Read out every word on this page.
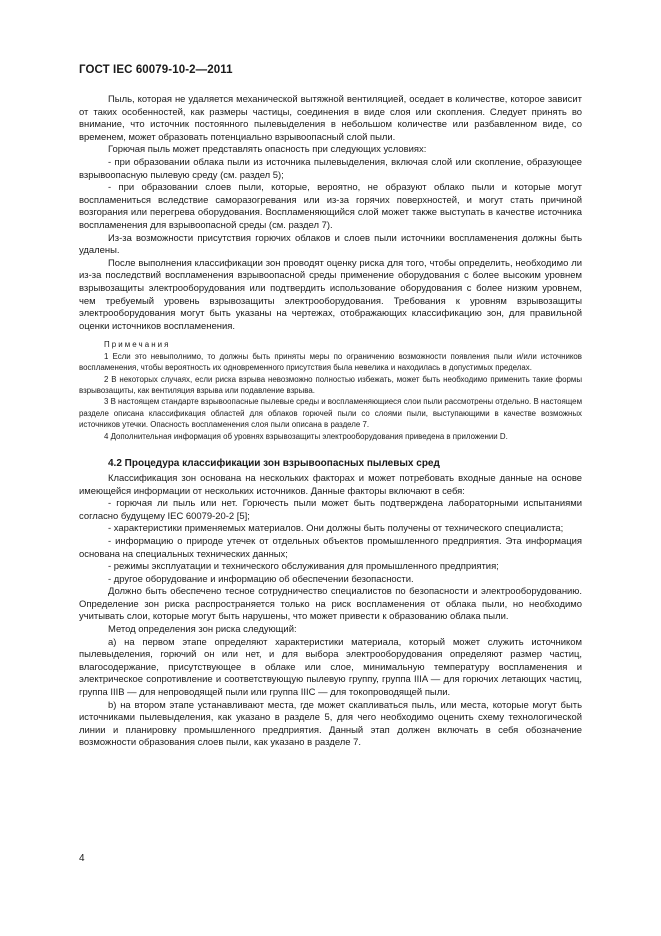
ГОСТ IEC 60079-10-2—2011

Пыль, которая не удаляется механической вытяжной вентиляцией, оседает в количестве, которое зависит от таких особенностей, как размеры частицы, соединения в виде слоя или скопления. Следует принять во внимание, что источник постоянного пылевыделения в небольшом количестве или разбавленном виде, со временем, может образовать потенциально взрывоопасный слой пыли.

Горючая пыль может представлять опасность при следующих условиях:

- при образовании облака пыли из источника пылевыделения, включая слой или скопление, образующее взрывоопасную пылевую среду (см. раздел 5);

- при образовании слоев пыли, которые, вероятно, не образуют облако пыли и которые могут воспламениться вследствие саморазогревания или из-за горячих поверхностей, и могут стать причиной возгорания или перегрева оборудования. Воспламеняющийся слой может также выступать в качестве источника воспламенения для взрывоопасной среды (см. раздел 7).

Из-за возможности присутствия горючих облаков и слоев пыли источники воспламенения должны быть удалены.

После выполнения классификации зон проводят оценку риска для того, чтобы определить, необходимо ли из-за последствий воспламенения взрывоопасной среды применение оборудования с более высоким уровнем взрывозащиты электрооборудования или подтвердить использование оборудования с более низким уровнем, чем требуемый уровень взрывозащиты электрооборудования. Требования к уровням взрывозащиты электрооборудования могут быть указаны на чертежах, отображающих классификацию зон, для правильной оценки источников воспламенения.

Примечания

1 Если это невыполнимо, то должны быть приняты меры по ограничению возможности появления пыли и/или источников воспламенения, чтобы вероятность их одновременного присутствия была невелика и находилась в допустимых пределах.

2 В некоторых случаях, если риска взрыва невозможно полностью избежать, может быть необходимо применить такие формы взрывозащиты, как вентиляция взрыва или подавление взрыва.

3 В настоящем стандарте взрывоопасные пылевые среды и воспламеняющиеся слои пыли рассмотрены отдельно. В настоящем разделе описана классификация областей для облаков горючей пыли со слоями пыли, выступающими в качестве возможных источников утечки. Опасность воспламенения слоя пыли описана в разделе 7.

4 Дополнительная информация об уровнях взрывозащиты электрооборудования приведена в приложении D.

4.2 Процедура классификации зон взрывоопасных пылевых сред

Классификация зон основана на нескольких факторах и может потребовать входные данные на основе имеющейся информации от нескольких источников. Данные факторы включают в себя:

- горючая ли пыль или нет. Горючесть пыли может быть подтверждена лабораторными испытаниями согласно будущему IEC 60079-20-2 [5];

- характеристики применяемых материалов. Они должны быть получены от технического специалиста;

- информацию о природе утечек от отдельных объектов промышленного предприятия. Эта информация основана на специальных технических данных;

- режимы эксплуатации и технического обслуживания для промышленного предприятия;

- другое оборудование и информацию об обеспечении безопасности.

Должно быть обеспечено тесное сотрудничество специалистов по безопасности и электрооборудованию. Определение зон риска распространяется только на риск воспламенения от облака пыли, но необходимо учитывать слои, которые могут быть нарушены, что может привести к образованию облака пыли.

Метод определения зон риска следующий:

а) на первом этапе определяют характеристики материала, который может служить источником пылевыделения, горючий он или нет, и для выбора электрооборудования определяют размер частиц, влагосодержание, присутствующее в облаке или слое, минимальную температуру воспламенения и электрическое сопротивление и соответствующую пылевую группу, группа IIIA — для горючих летающих частиц, группа IIIB — для непроводящей пыли или группа IIIC — для токопроводящей пыли.

b) на втором этапе устанавливают места, где может скапливаться пыль, или места, которые могут быть источниками пылевыделения, как указано в разделе 5, для чего необходимо оценить схему технологической линии и планировку промышленного предприятия. Данный этап должен включать в себя обозначение возможности образования слоев пыли, как указано в разделе 7.

4
